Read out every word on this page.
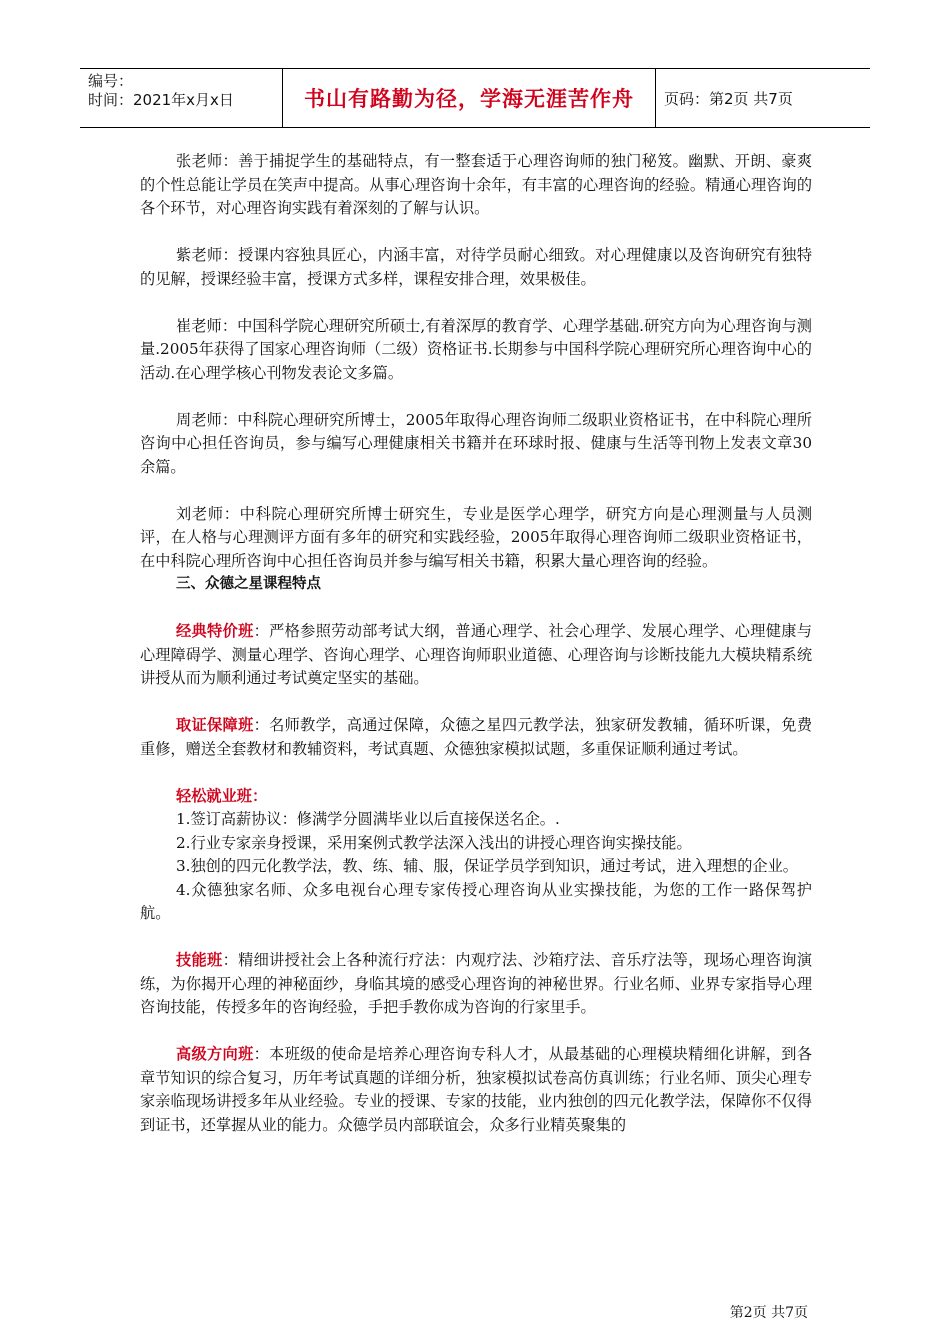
编号：
时间：2021年x月x日	书山有路勤为径，学海无涯苦作舟 页码：第2页 共7页

张老师：善于捕捉学生的基础特点，有一整套适于心理咨询师的独门秘笈。幽默、开朗、豪爽的个性总能让学员在笑声中提高。从事心理咨询十余年，有丰富的心理咨询的经验。精通心理咨询的各个环节，对心理咨询实践有着深刻的了解与认识。

紫老师：授课内容独具匠心，内涵丰富，对待学员耐心细致。对心理健康以及咨询研究有独特的见解，授课经验丰富，授课方式多样，课程安排合理，效果极佳。

崔老师：中国科学院心理研究所硕士,有着深厚的教育学、心理学基础.研究方向为心理咨询与测量.2005年获得了国家心理咨询师（二级）资格证书.长期参与中国科学院心理研究所心理咨询中心的活动.在心理学核心刊物发表论文多篇。

周老师：中科院心理研究所博士，2005年取得心理咨询师二级职业资格证书，在中科院心理所咨询中心担任咨询员，参与编写心理健康相关书籍并在环球时报、健康与生活等刊物上发表文章30余篇。

刘老师：中科院心理研究所博士研究生，专业是医学心理学，研究方向是心理测量与人员测评，在人格与心理测评方面有多年的研究和实践经验，2005年取得心理咨询师二级职业资格证书，在中科院心理所咨询中心担任咨询员并参与编写相关书籍，积累大量心理咨询的经验。

三、众德之星课程特点

经典特价班：严格参照劳动部考试大纲，普通心理学、社会心理学、发展心理学、心理健康与心理障碍学、测量心理学、咨询心理学、心理咨询师职业道德、心理咨询与诊断技能九大模块精系统讲授从而为顺利通过考试奠定坚实的基础。

取证保障班：名师教学，高通过保障，众德之星四元教学法，独家研发教辅，循环听课，免费重修，赠送全套教材和教辅资料，考试真题、众德独家模拟试题，多重保证顺利通过考试。

轻松就业班：

1.签订高薪协议：修满学分圆满毕业以后直接保送名企。.

2.行业专家亲身授课，采用案例式教学法深入浅出的讲授心理咨询实操技能。

3.独创的四元化教学法，教、练、辅、服，保证学员学到知识，通过考试，进入理想的企业。

4.众德独家名师、众多电视台心理专家传授心理咨询从业实操技能，为您的工作一路保驾护航。

技能班：精细讲授社会上各种流行疗法：内观疗法、沙箱疗法、音乐疗法等，现场心理咨询演练，为你揭开心理的神秘面纱，身临其境的感受心理咨询的神秘世界。行业名师、业界专家指导心理咨询技能，传授多年的咨询经验，手把手教你成为咨询的行家里手。

高级方向班：本班级的使命是培养心理咨询专科人才，从最基础的心理模块精细化讲解，到各章节知识的综合复习，历年考试真题的详细分析，独家模拟试卷高仿真训练；行业名师、顶尖心理专家亲临现场讲授多年从业经验。专业的授课、专家的技能，业内独创的四元化教学法，保障你不仅得到证书，还掌握从业的能力。众德学员内部联谊会，众多行业精英聚集的

第2页 共7页
